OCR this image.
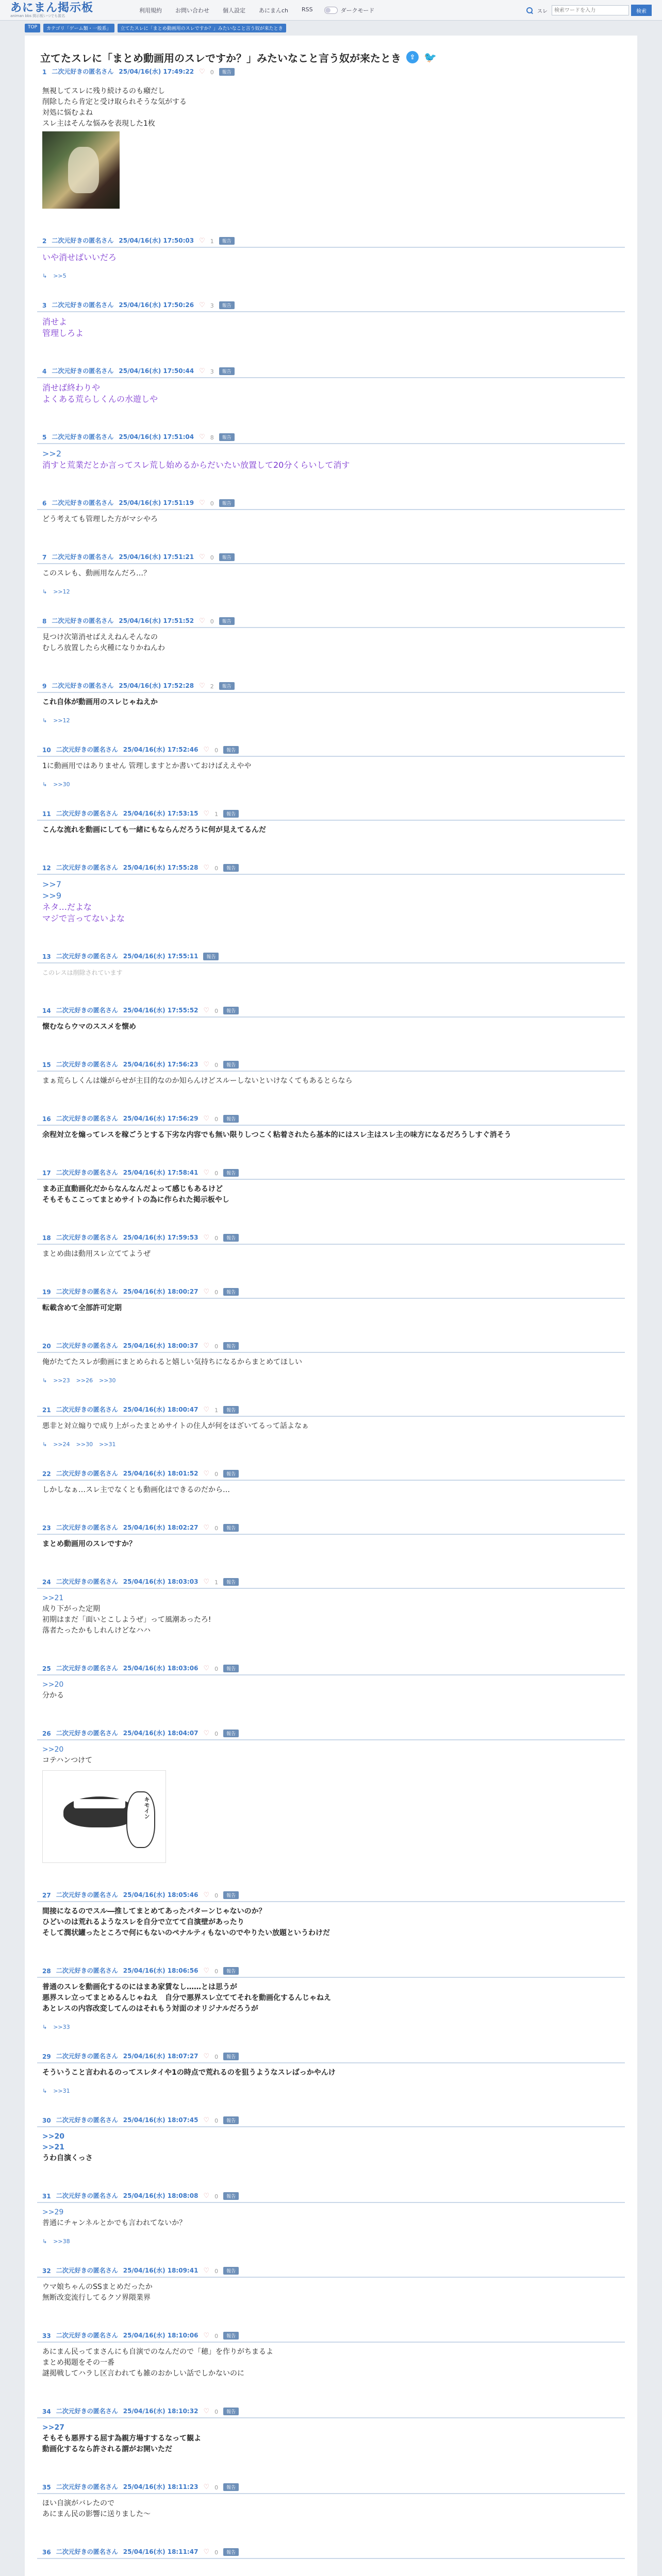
あにまん掲示板
animan bbs 掲示板いつでも匿名
利用規約 お問い合わせ 個人設定 あにまんch RSS	ダークモード	スレ
検索ワードを入力	検索
TOP	カテゴリ「ゲーム類・一般系」	立てたスレに「まとめ動画用のスレですか？」みたいなこと言う奴が来たとき
立てたスレに「まとめ動画用のスレですか？」みたいなこと言う奴が来たとき	⇪ 🐦
1 二次元好きの匿名さん 25/04/16(水) 17:49:22 ♡ 0	報告
無視してスレに残り続けるのも癪だし
削除したら肯定と受け取られそうな気がする
対処に悩むよね
スレ主はそんな悩みを表現した1枚
2 二次元好きの匿名さん 25/04/16(水) 17:50:03 ♡ 1	報告
いや消せばいいだろ
↳ >>5
3 二次元好きの匿名さん 25/04/16(水) 17:50:26 ♡ 3	報告
消せよ
管理しろよ
4 二次元好きの匿名さん 25/04/16(水) 17:50:44 ♡ 3	報告
消せば終わりや
よくある荒らしくんの水遊しや
5 二次元好きの匿名さん 25/04/16(水) 17:51:04 ♡ 8	報告
>>2
消すと荒業だとか言ってスレ荒し始めるからだいたい放置して20分くらいして消す
6 二次元好きの匿名さん 25/04/16(水) 17:51:19 ♡ 0	報告
どう考えても管理した方がマシやろ
7 二次元好きの匿名さん 25/04/16(水) 17:51:21 ♡ 0	報告
このスレも、動画用なんだろ…？
↳ >>12
8 二次元好きの匿名さん 25/04/16(水) 17:51:52 ♡ 0	報告
見つけ次第消せばええねんそんなの
むしろ放置したら火種になりかねんわ
9 二次元好きの匿名さん 25/04/16(水) 17:52:28 ♡ 2	報告
これ自体が動画用のスレじゃねえか
↳ >>12
10 二次元好きの匿名さん 25/04/16(水) 17:52:46 ♡ 0	報告
1に動画用ではありません 管理しますとか書いておけばええやや
↳ >>30
11 二次元好きの匿名さん 25/04/16(水) 17:53:15 ♡ 1	報告
こんな流れを動画にしても一緒にもならんだろうに何が見えてるんだ
12 二次元好きの匿名さん 25/04/16(水) 17:55:28 ♡ 0	報告
>>7
>>9
ネタ…だよな
マジで言ってないよな
13 二次元好きの匿名さん 25/04/16(水) 17:55:11	報告
このレスは削除されています
14 二次元好きの匿名さん 25/04/16(水) 17:55:52 ♡ 0	報告
懐むならウマのススメを懐め
15 二次元好きの匿名さん 25/04/16(水) 17:56:23 ♡ 0	報告
まぁ荒らしくんは嫌がらせが主目的なのか知らんけどスルーしないといけなくてもあるとらなら
16 二次元好きの匿名さん 25/04/16(水) 17:56:29 ♡ 0	報告
余程対立を煽ってレスを稼ごうとする下劣な内容でも無い限りしつこく粘着されたら基本的にはスレ主はスレ主の味方になるだろうしすぐ消そう
17 二次元好きの匿名さん 25/04/16(水) 17:58:41 ♡ 0	報告
まあ正直動画化だからなんなんだよって感じもあるけど
そもそもここってまとめサイトの為に作られた掲示板やし
18 二次元好きの匿名さん 25/04/16(水) 17:59:53 ♡ 0	報告
まとめ曲は動用スレ立ててようぜ
19 二次元好きの匿名さん 25/04/16(水) 18:00:27 ♡ 0	報告
転載含めて全部許可定期
20 二次元好きの匿名さん 25/04/16(水) 18:00:37 ♡ 0	報告
俺がたてたスレが動画にまとめられると嬉しい気持ちになるからまとめてほしい
↳ >>23 >>26 >>30
21 二次元好きの匿名さん 25/04/16(水) 18:00:47 ♡ 1	報告
悪非と対立煽りで成り上がったまとめサイトの住人が何をほざいてるって話よなぁ
↳ >>24 >>30 >>31
22 二次元好きの匿名さん 25/04/16(水) 18:01:52 ♡ 0	報告
しかしなぁ…スレ主でなくとも動画化はできるのだから…
23 二次元好きの匿名さん 25/04/16(水) 18:02:27 ♡ 0	報告
まとめ動画用のスレですか？
24 二次元好きの匿名さん 25/04/16(水) 18:03:03 ♡ 1	報告
>>21
成り下がった定期
初期はまだ「面いとこしようぜ」って風潮あったろ!
落者たったかもしれんけどなハハ
25 二次元好きの匿名さん 25/04/16(水) 18:03:06 ♡ 0	報告
>>20
分かる
26 二次元好きの匿名さん 25/04/16(水) 18:04:07 ♡ 0	報告
>>20
コテハンつけて
キモイン
27 二次元好きの匿名さん 25/04/16(水) 18:05:46 ♡ 0	報告
間接になるのでスル―推してまとめてあったパターンじゃないのか？
ひどいのは荒れるようなスレを自分で立てて自演壁があったり
そして潤状罐ったところで何にもないのペナルティもないのでやりたい放題というわけだ
28 二次元好きの匿名さん 25/04/16(水) 18:06:56 ♡ 0	報告
普通のスレを動画化するのにはまあ家賃なし……とは思うが
悪界スレ立ってまとめるんじゃねえ　自分で悪界スレ立ててそれを動画化するんじゃねえ
あとレスの内容改変してんのはそれもう対面のオリジナルだろうが
↳ >>33
29 二次元好きの匿名さん 25/04/16(水) 18:07:27 ♡ 0	報告
そういうこと言われるのってスレタイや1の時点で荒れるのを狙うようなスレばっかやんけ
↳ >>31
30 二次元好きの匿名さん 25/04/16(水) 18:07:45 ♡ 0	報告
>>20
>>21
うわ自演くっさ
31 二次元好きの匿名さん 25/04/16(水) 18:08:08 ♡ 0	報告
>>29
普通にチャンネルとかでも言われてないか？
↳ >>38
32 二次元好きの匿名さん 25/04/16(水) 18:09:41 ♡ 0	報告
ウマ娘ちゃんのSSまとめだったか
無断改変流行してるクソ界隈業界
33 二次元好きの匿名さん 25/04/16(水) 18:10:06 ♡ 0	報告
あにまん民ってまさんにも自演でのなんだので「穂」を作りがちまるよ
まとめ掲題をその一番
謎掲戦してハラし区言われても雑のおかしい話でしかないのに
34 二次元好きの匿名さん 25/04/16(水) 18:10:32 ♡ 0	報告
>>27
そもそも悪界する屈す為親方場すするなって観よ
動画化するなら許される謂がお開いただ
35 二次元好きの匿名さん 25/04/16(水) 18:11:23 ♡ 0	報告
ほい自演がバレたので
あにまん民の影響に送りました～
36 二次元好きの匿名さん 25/04/16(水) 18:11:47 ♡ 0	報告
